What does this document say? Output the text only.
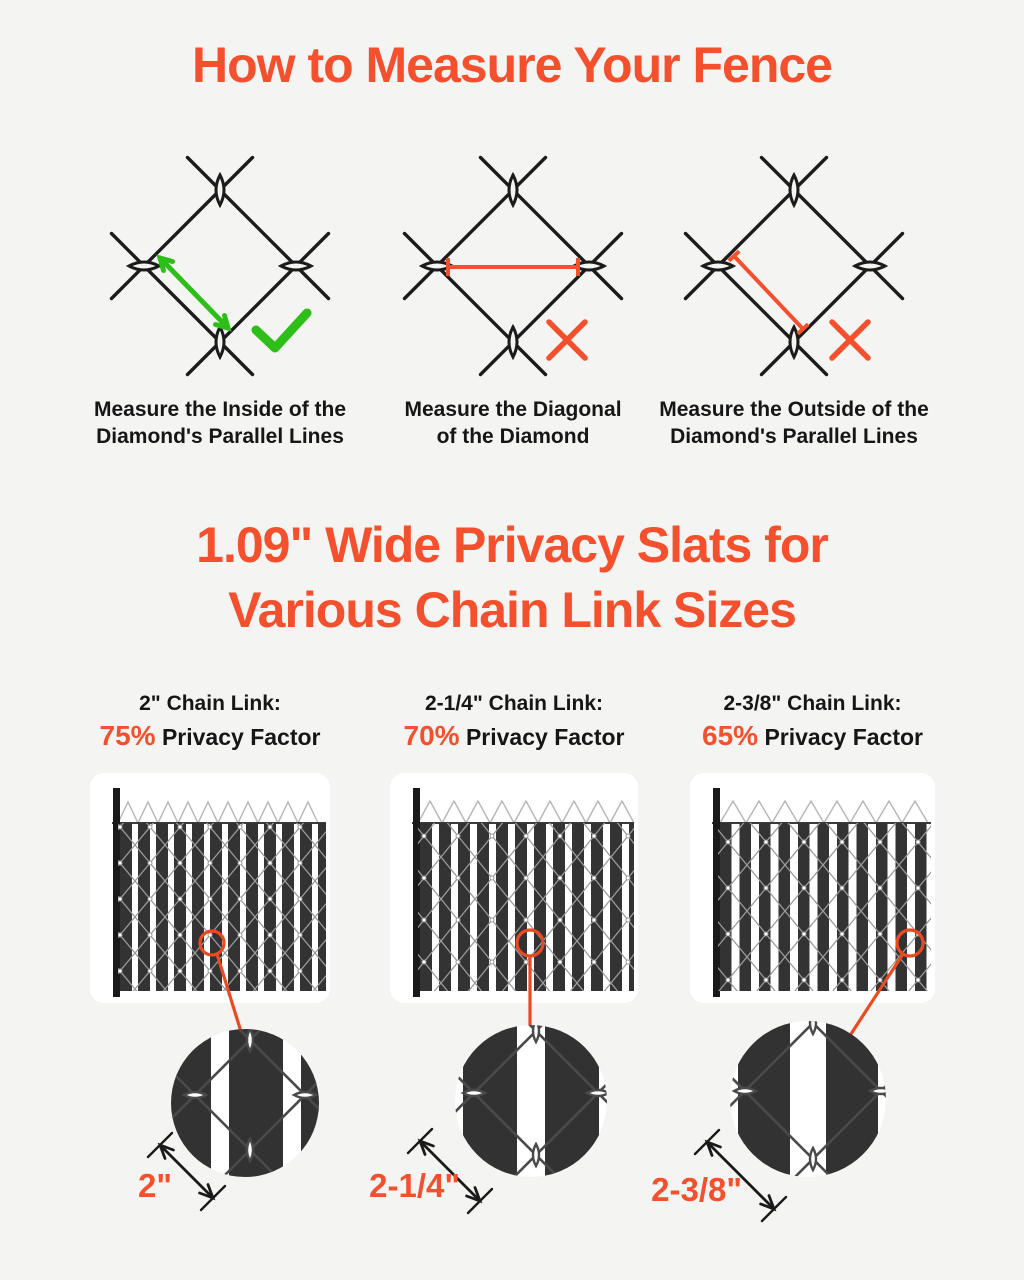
How to Measure Your Fence
Measure the Inside of the
Diamond's Parallel Lines
Measure the Diagonal
of the Diamond
Measure the Outside of the
Diamond's Parallel Lines
1.09" Wide Privacy Slats for
Various Chain Link Sizes
2" Chain Link:
75% Privacy Factor
2"
2-1/4" Chain Link:
70% Privacy Factor
2-1/4"
2-3/8" Chain Link:
65% Privacy Factor
2-3/8"
